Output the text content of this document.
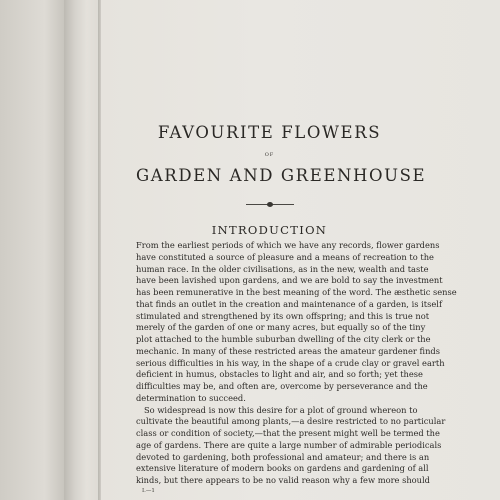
FAVOURITE FLOWERS
OF
GARDEN AND GREENHOUSE
INTRODUCTION
From the earliest periods of which we have any records, flower gardens
have constituted a source of pleasure and a means of recreation to the
human race. In the older civilisations, as in the new, wealth and taste
have been lavished upon gardens, and we are bold to say the investment
has been remunerative in the best meaning of the word. The æsthetic sense
that finds an outlet in the creation and maintenance of a garden, is itself
stimulated and strengthened by its own offspring; and this is true not
merely of the garden of one or many acres, but equally so of the tiny
plot attached to the humble suburban dwelling of the city clerk or the
mechanic. In many of these restricted areas the amateur gardener finds
serious difficulties in his way, in the shape of a crude clay or gravel earth
deficient in humus, obstacles to light and air, and so forth; yet these
difficulties may be, and often are, overcome by perseverance and the
determination to succeed.
So widespread is now this desire for a plot of ground whereon to
cultivate the beautiful among plants,—a desire restricted to no particular
class or condition of society,—that the present might well be termed the
age of gardens. There are quite a large number of admirable periodicals
devoted to gardening, both professional and amateur; and there is an
extensive literature of modern books on gardens and gardening of all
kinds, but there appears to be no valid reason why a few more should
I.—1
